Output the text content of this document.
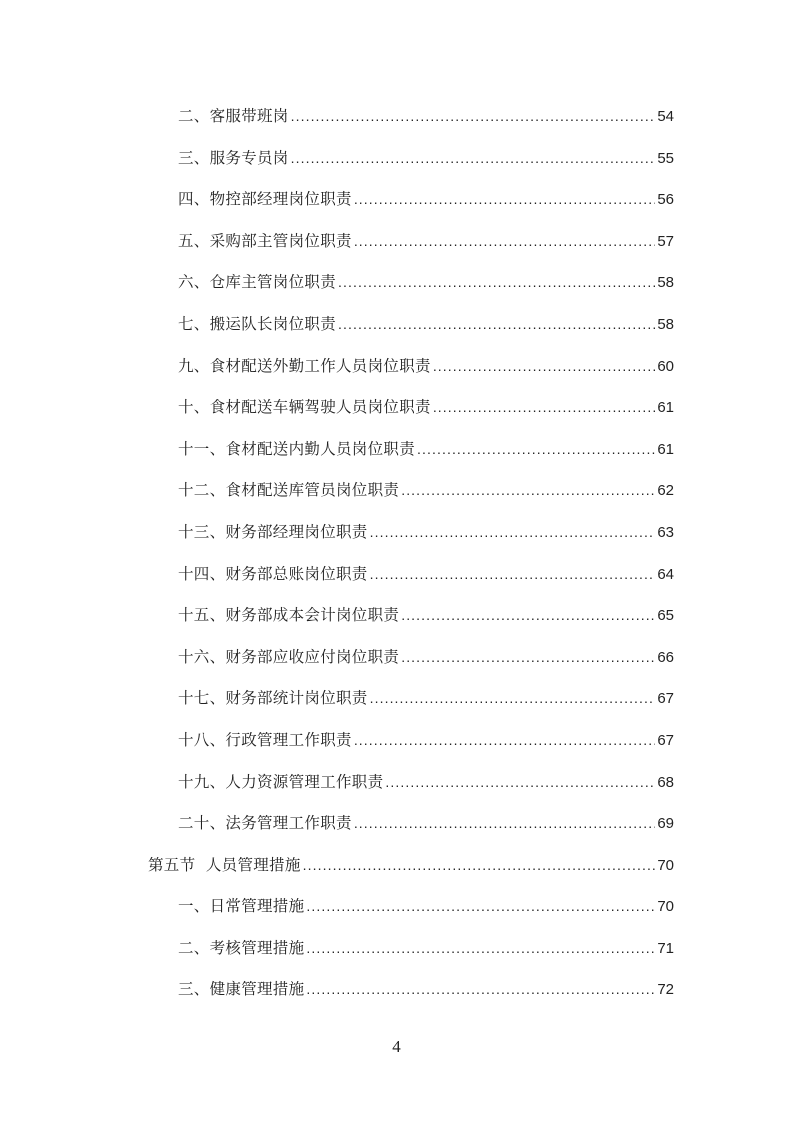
二、客服带班岗 .....	54
三、服务专员岗 .....	55
四、物控部经理岗位职责 .....	56
五、采购部主管岗位职责 .....	57
六、仓库主管岗位职责 .....	58
七、搬运队长岗位职责 .....	58
九、食材配送外勤工作人员岗位职责 .....	60
十、食材配送车辆驾驶人员岗位职责 .....	61
十一、食材配送内勤人员岗位职责 .....	61
十二、食材配送库管员岗位职责 .....	62
十三、财务部经理岗位职责 .....	63
十四、财务部总账岗位职责 .....	64
十五、财务部成本会计岗位职责 .....	65
十六、财务部应收应付岗位职责 .....	66
十七、财务部统计岗位职责 .....	67
十八、行政管理工作职责 .....	67
十九、人力资源管理工作职责 .....	68
二十、法务管理工作职责 .....	69
第五节  人员管理措施 .....	70
一、日常管理措施 .....	70
二、考核管理措施 .....	71
三、健康管理措施 .....	72
4
